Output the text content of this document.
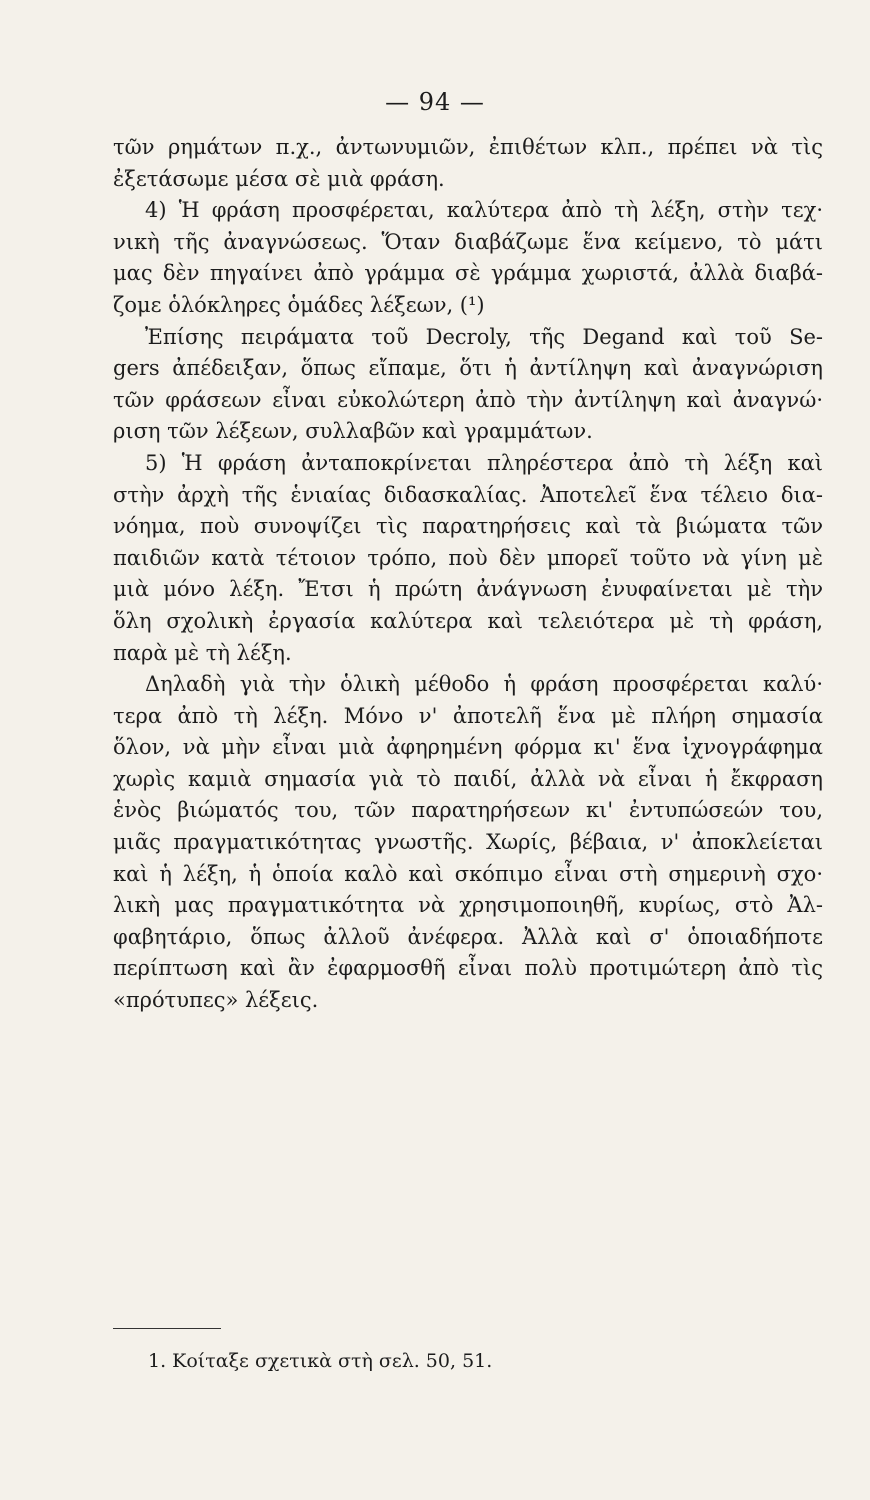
— 94 —
τῶν ρημάτων π.χ., ἀντωνυμιῶν, ἐπιθέτων κλπ., πρέπει νὰ τὶς
ἐξετάσωμε μέσα σὲ μιὰ φράση.
4) Ἡ φράση προσφέρεται, καλύτερα ἀπὸ τὴ λέξη, στὴν τεχ·
νικὴ τῆς ἀναγνώσεως. Ὅταν διαβάζωμε ἕνα κείμενο, τὸ μάτι
μας δὲν πηγαίνει ἀπὸ γράμμα σὲ γράμμα χωριστά, ἀλλὰ διαβά-
ζομε ὁλόκληρες ὁμάδες λέξεων, (¹)
Ἐπίσης πειράματα τοῦ Decroly, τῆς Degand καὶ τοῦ Se-
gers ἀπέδειξαν, ὅπως εἴπαμε, ὅτι ἡ ἀντίληψη καὶ ἀναγνώριση
τῶν φράσεων εἶναι εὐκολώτερη ἀπὸ τὴν ἀντίληψη καὶ ἀναγνώ·
ριση τῶν λέξεων, συλλαβῶν καὶ γραμμάτων.
5) Ἡ φράση ἀνταποκρίνεται πληρέστερα ἀπὸ τὴ λέξη καὶ
στὴν ἀρχὴ τῆς ἑνιαίας διδασκαλίας. Ἀποτελεῖ ἕνα τέλειο δια-
νόημα, ποὺ συνοψίζει τὶς παρατηρήσεις καὶ τὰ βιώματα τῶν
παιδιῶν κατὰ τέτοιον τρόπο, ποὺ δὲν μπορεῖ τοῦτο νὰ γίνη μὲ
μιὰ μόνο λέξη. Ἔτσι ἡ πρώτη ἀνάγνωση ἐνυφαίνεται μὲ τὴν
ὅλη σχολικὴ ἐργασία καλύτερα καὶ τελειότερα μὲ τὴ φράση,
παρὰ μὲ τὴ λέξη.
Δηλαδὴ γιὰ τὴν ὁλικὴ μέθοδο ἡ φράση προσφέρεται καλύ·
τερα ἀπὸ τὴ λέξη. Μόνο ν' ἀποτελῆ ἕνα μὲ πλήρη σημασία
ὅλον, νὰ μὴν εἶναι μιὰ ἀφηρημένη φόρμα κι' ἕνα ἰχνογράφημα
χωρὶς καμιὰ σημασία γιὰ τὸ παιδί, ἀλλὰ νὰ εἶναι ἡ ἔκφραση
ἑνὸς βιώματός του, τῶν παρατηρήσεων κι' ἐντυπώσεών του,
μιᾶς πραγματικότητας γνωστῆς. Χωρίς, βέβαια, ν' ἀποκλείεται
καὶ ἡ λέξη, ἡ ὁποία καλὸ καὶ σκόπιμο εἶναι στὴ σημερινὴ σχο·
λικὴ μας πραγματικότητα νὰ χρησιμοποιηθῆ, κυρίως, στὸ Ἀλ-
φαβητάριο, ὅπως ἀλλοῦ ἀνέφερα. Ἀλλὰ καὶ σ' ὁποιαδήποτε
περίπτωση καὶ ἂν ἐφαρμοσθῆ εἶναι πολὺ προτιμώτερη ἀπὸ τὶς
«πρότυπες» λέξεις.
1. Κοίταξε σχετικὰ στὴ σελ. 50, 51.
